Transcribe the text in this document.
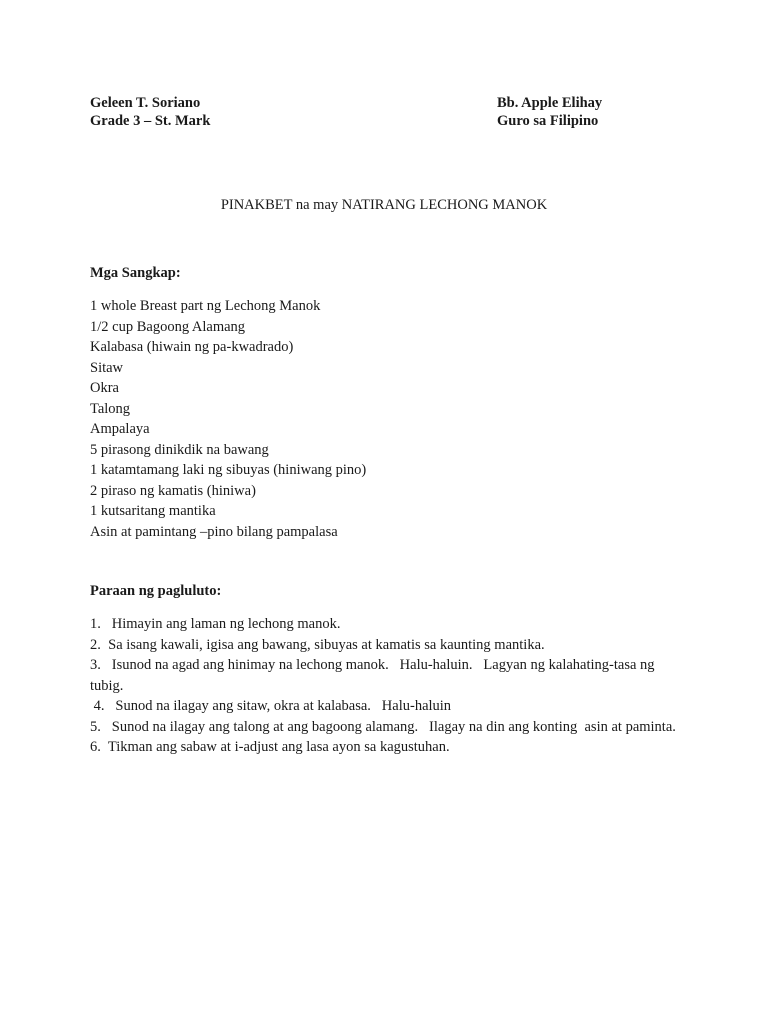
Geleen T. Soriano
Grade 3 – St. Mark
Bb. Apple Elihay
Guro sa Filipino
PINAKBET na may NATIRANG LECHONG MANOK
Mga Sangkap:
1 whole Breast part ng Lechong Manok
1/2 cup Bagoong Alamang
Kalabasa (hiwain ng pa-kwadrado)
Sitaw
Okra
Talong
Ampalaya
5 pirasong dinikdik na bawang
1 katamtamang laki ng sibuyas (hiniwang pino)
2 piraso ng kamatis (hiniwa)
1 kutsaritang mantika
Asin at pamintang –pino bilang pampalasa
Paraan ng pagluluto:
1.   Himayin ang laman ng lechong manok.
2.  Sa isang kawali, igisa ang bawang, sibuyas at kamatis sa kaunting mantika.
3.   Isunod na agad ang hinimay na lechong manok.   Halu-haluin.   Lagyan ng kalahating-tasa ng tubig.
4.   Sunod na ilagay ang sitaw, okra at kalabasa.   Halu-haluin
5.   Sunod na ilagay ang talong at ang bagoong alamang.   Ilagay na din ang konting  asin at paminta.
6.  Tikman ang sabaw at i-adjust ang lasa ayon sa kagustuhan.
